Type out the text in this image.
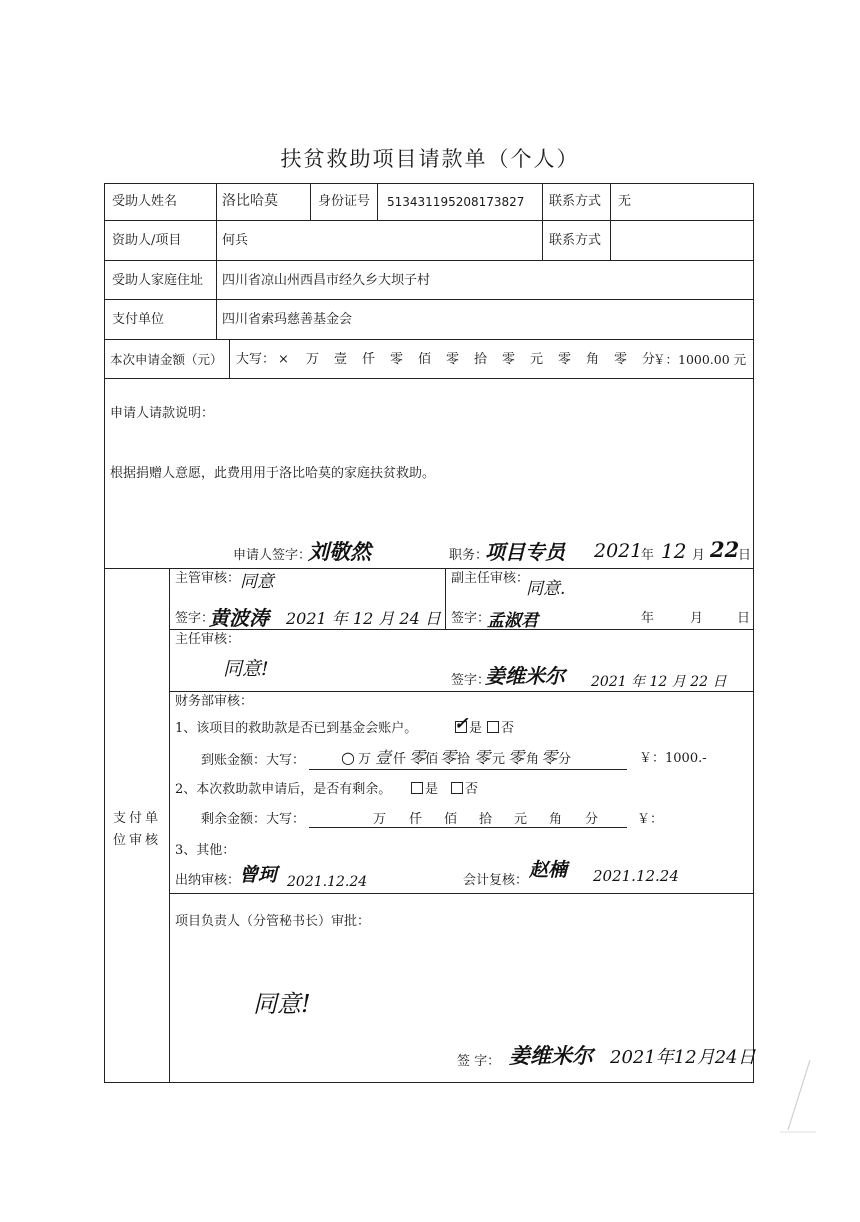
扶贫救助项目请款单（个人）
受助人姓名	洛比哈莫	身份证号 513431195208173827 联系方式 无
资助人/项目	何兵	联系方式
受助人家庭住址 四川省凉山州西昌市经久乡大坝子村
支付单位	四川省索玛慈善基金会
本次申请金额（元） 大写： × 万 壹 仟 零 佰 零 拾 零 元 零 角 零 分
￥：1000.00 元
申请人请款说明：
根据捐赠人意愿，此费用用于洛比哈莫的家庭扶贫救助。
申请人签字：
刘敬然	职务：
项目专员 2021
年 12 月 22
日
支付单位审核
主管审核： 同意
签字：
黄波涛 2021 年 12 月 24 日
副主任审核：
同意.
签字：
孟淑君	年	月	日
主任审核：
同意!
签字：
姜维米尔 2021 年 12 月 22 日
财务部审核：
1、该项目的救助款是否已到基金会账户。	是
✓	否
到账金额：大写： ○ 万 壹 仟 零佰 零拾 零 元 零 角 零分	￥：1000.-
2、本次救助款申请后，是否有剩余。	是	否
剩余金额：大写：	万 仟 佰 拾 元 角 分	￥：
3、其他：
出纳审核：
曾珂 2021.12.24	会计复核： 赵楠 2021.12.24
项目负责人（分管秘书长）审批：
同意!
签 字： 姜维米尔 2021年12月24日
